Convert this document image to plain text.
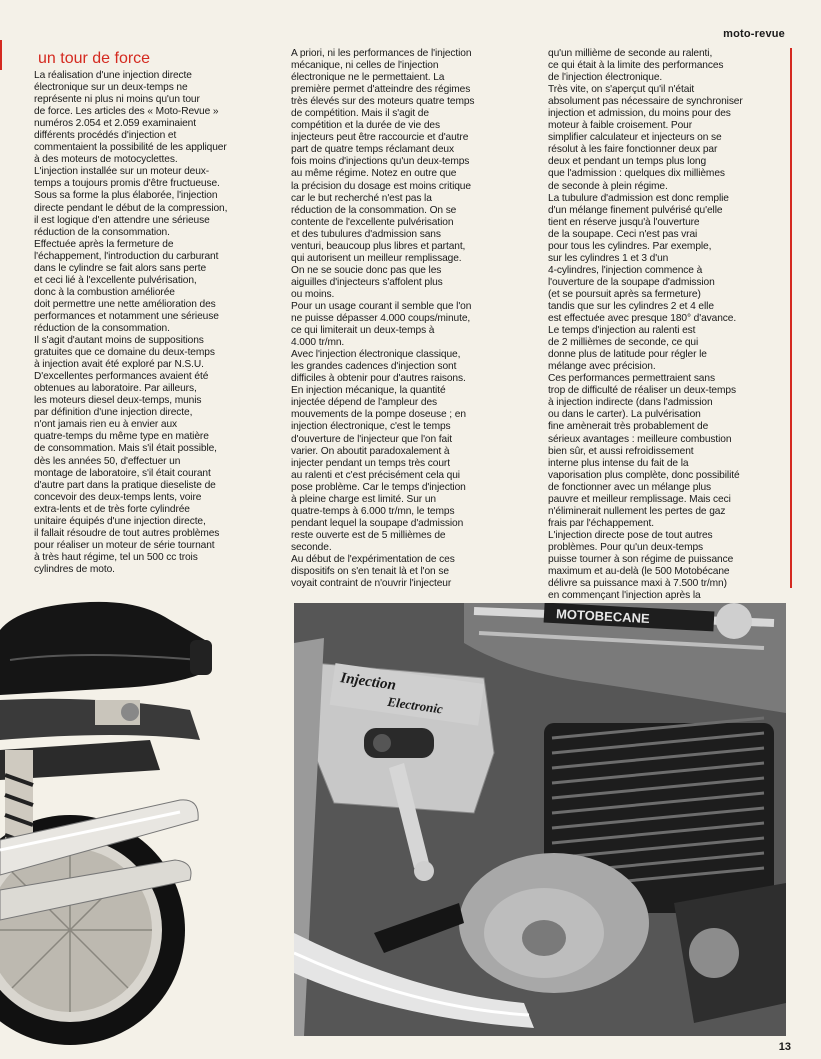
moto-revue
un tour de force

La réalisation d'une injection directe
électronique sur un deux-temps ne
représente ni plus ni moins qu'un tour
de force. Les articles des « Moto-Revue »
numéros 2.054 et 2.059 examinaient
différents procédés d'injection et
commentaient la possibilité de les appliquer
à des moteurs de motocyclettes.
L'injection installée sur un moteur deux-
temps a toujours promis d'être fructueuse.
Sous sa forme la plus élaborée, l'injection
directe pendant le début de la compression,
il est logique d'en attendre une sérieuse
réduction de la consommation.
Effectuée après la fermeture de
l'échappement, l'introduction du carburant
dans le cylindre se fait alors sans perte
et ceci lié à l'excellente pulvérisation,
donc à la combustion améliorée
doit permettre une nette amélioration des
performances et notamment une sérieuse
réduction de la consommation.
Il s'agit d'autant moins de suppositions
gratuites que ce domaine du deux-temps
à injection avait été exploré par N.S.U.
D'excellentes performances avaient été
obtenues au laboratoire. Par ailleurs,
les moteurs diesel deux-temps, munis
par définition d'une injection directe,
n'ont jamais rien eu à envier aux
quatre-temps du même type en matière
de consommation. Mais s'il était possible,
dès les années 50, d'effectuer un
montage de laboratoire, s'il était courant
d'autre part dans la pratique dieseliste de
concevoir des deux-temps lents, voire
extra-lents et de très forte cylindrée
unitaire équipés d'une injection directe,
il fallait résoudre de tout autres problèmes
pour réaliser un moteur de série tournant
à très haut régime, tel un 500 cc trois
cylindres de moto.

A priori, ni les performances de l'injection
mécanique, ni celles de l'injection
électronique ne le permettaient. La
première permet d'atteindre des régimes
très élevés sur des moteurs quatre temps
de compétition. Mais il s'agit de
compétition et la durée de vie des
injecteurs peut être raccourcie et d'autre
part de quatre temps réclamant deux
fois moins d'injections qu'un deux-temps
au même régime. Notez en outre que
la précision du dosage est moins critique
car le but recherché n'est pas la
réduction de la consommation. On se
contente de l'excellente pulvérisation
et des tubulures d'admission sans
venturi, beaucoup plus libres et partant,
qui autorisent un meilleur remplissage.
On ne se soucie donc pas que les
aiguilles d'injecteurs s'affolent plus
ou moins.
Pour un usage courant il semble que l'on
ne puisse dépasser 4.000 coups/minute,
ce qui limiterait un deux-temps à
4.000 tr/mn.
Avec l'injection électronique classique,
les grandes cadences d'injection sont
difficiles à obtenir pour d'autres raisons.
En injection mécanique, la quantité
injectée dépend de l'ampleur des
mouvements de la pompe doseuse ; en
injection électronique, c'est le temps
d'ouverture de l'injecteur que l'on fait
varier. On aboutit paradoxalement à
injecter pendant un temps très court
au ralenti et c'est précisément cela qui
pose problème. Car le temps d'injection
à pleine charge est limité. Sur un
quatre-temps à 6.000 tr/mn, le temps
pendant lequel la soupape d'admission
reste ouverte est de 5 millièmes de
seconde.
Au début de l'expérimentation de ces
dispositifs on s'en tenait là et l'on se
voyait contraint de n'ouvrir l'injecteur

qu'un millième de seconde au ralenti,
ce qui était à la limite des performances
de l'injection électronique.
Très vite, on s'aperçut qu'il n'était
absolument pas nécessaire de synchroniser
injection et admission, du moins pour des
moteur à faible croisement. Pour
simplifier calculateur et injecteurs on se
résolut à les faire fonctionner deux par
deux et pendant un temps plus long
que l'admission : quelques dix millièmes
de seconde à plein régime.
La tubulure d'admission est donc remplie
d'un mélange finement pulvérisé qu'elle
tient en réserve jusqu'à l'ouverture
de la soupape. Ceci n'est pas vrai
pour tous les cylindres. Par exemple,
sur les cylindres 1 et 3 d'un
4-cylindres, l'injection commence à
l'ouverture de la soupape d'admission
(et se poursuit après sa fermeture)
tandis que sur les cylindres 2 et 4 elle
est effectuée avec presque 180° d'avance.
Le temps d'injection au ralenti est
de 2 millièmes de seconde, ce qui
donne plus de latitude pour régler le
mélange avec précision.
Ces performances permettraient sans
trop de difficulté de réaliser un deux-temps
à injection indirecte (dans l'admission
ou dans le carter). La pulvérisation
fine amènerait très probablement de
sérieux avantages : meilleure combustion
bien sûr, et aussi refroidissement
interne plus intense du fait de la
vaporisation plus complète, donc possibilité
de fonctionner avec un mélange plus
pauvre et meilleur remplissage. Mais ceci
n'éliminerait nullement les pertes de gaz
frais par l'échappement.
L'injection directe pose de tout autres
problèmes. Pour qu'un deux-temps
puisse tourner à son régime de puissance
maximum et au-delà (le 500 Motobécane
délivre sa puissance maxi à 7.500 tr/mn)
en commençant l'injection après la

MOTOBECANE
Injection
Electronic
13
